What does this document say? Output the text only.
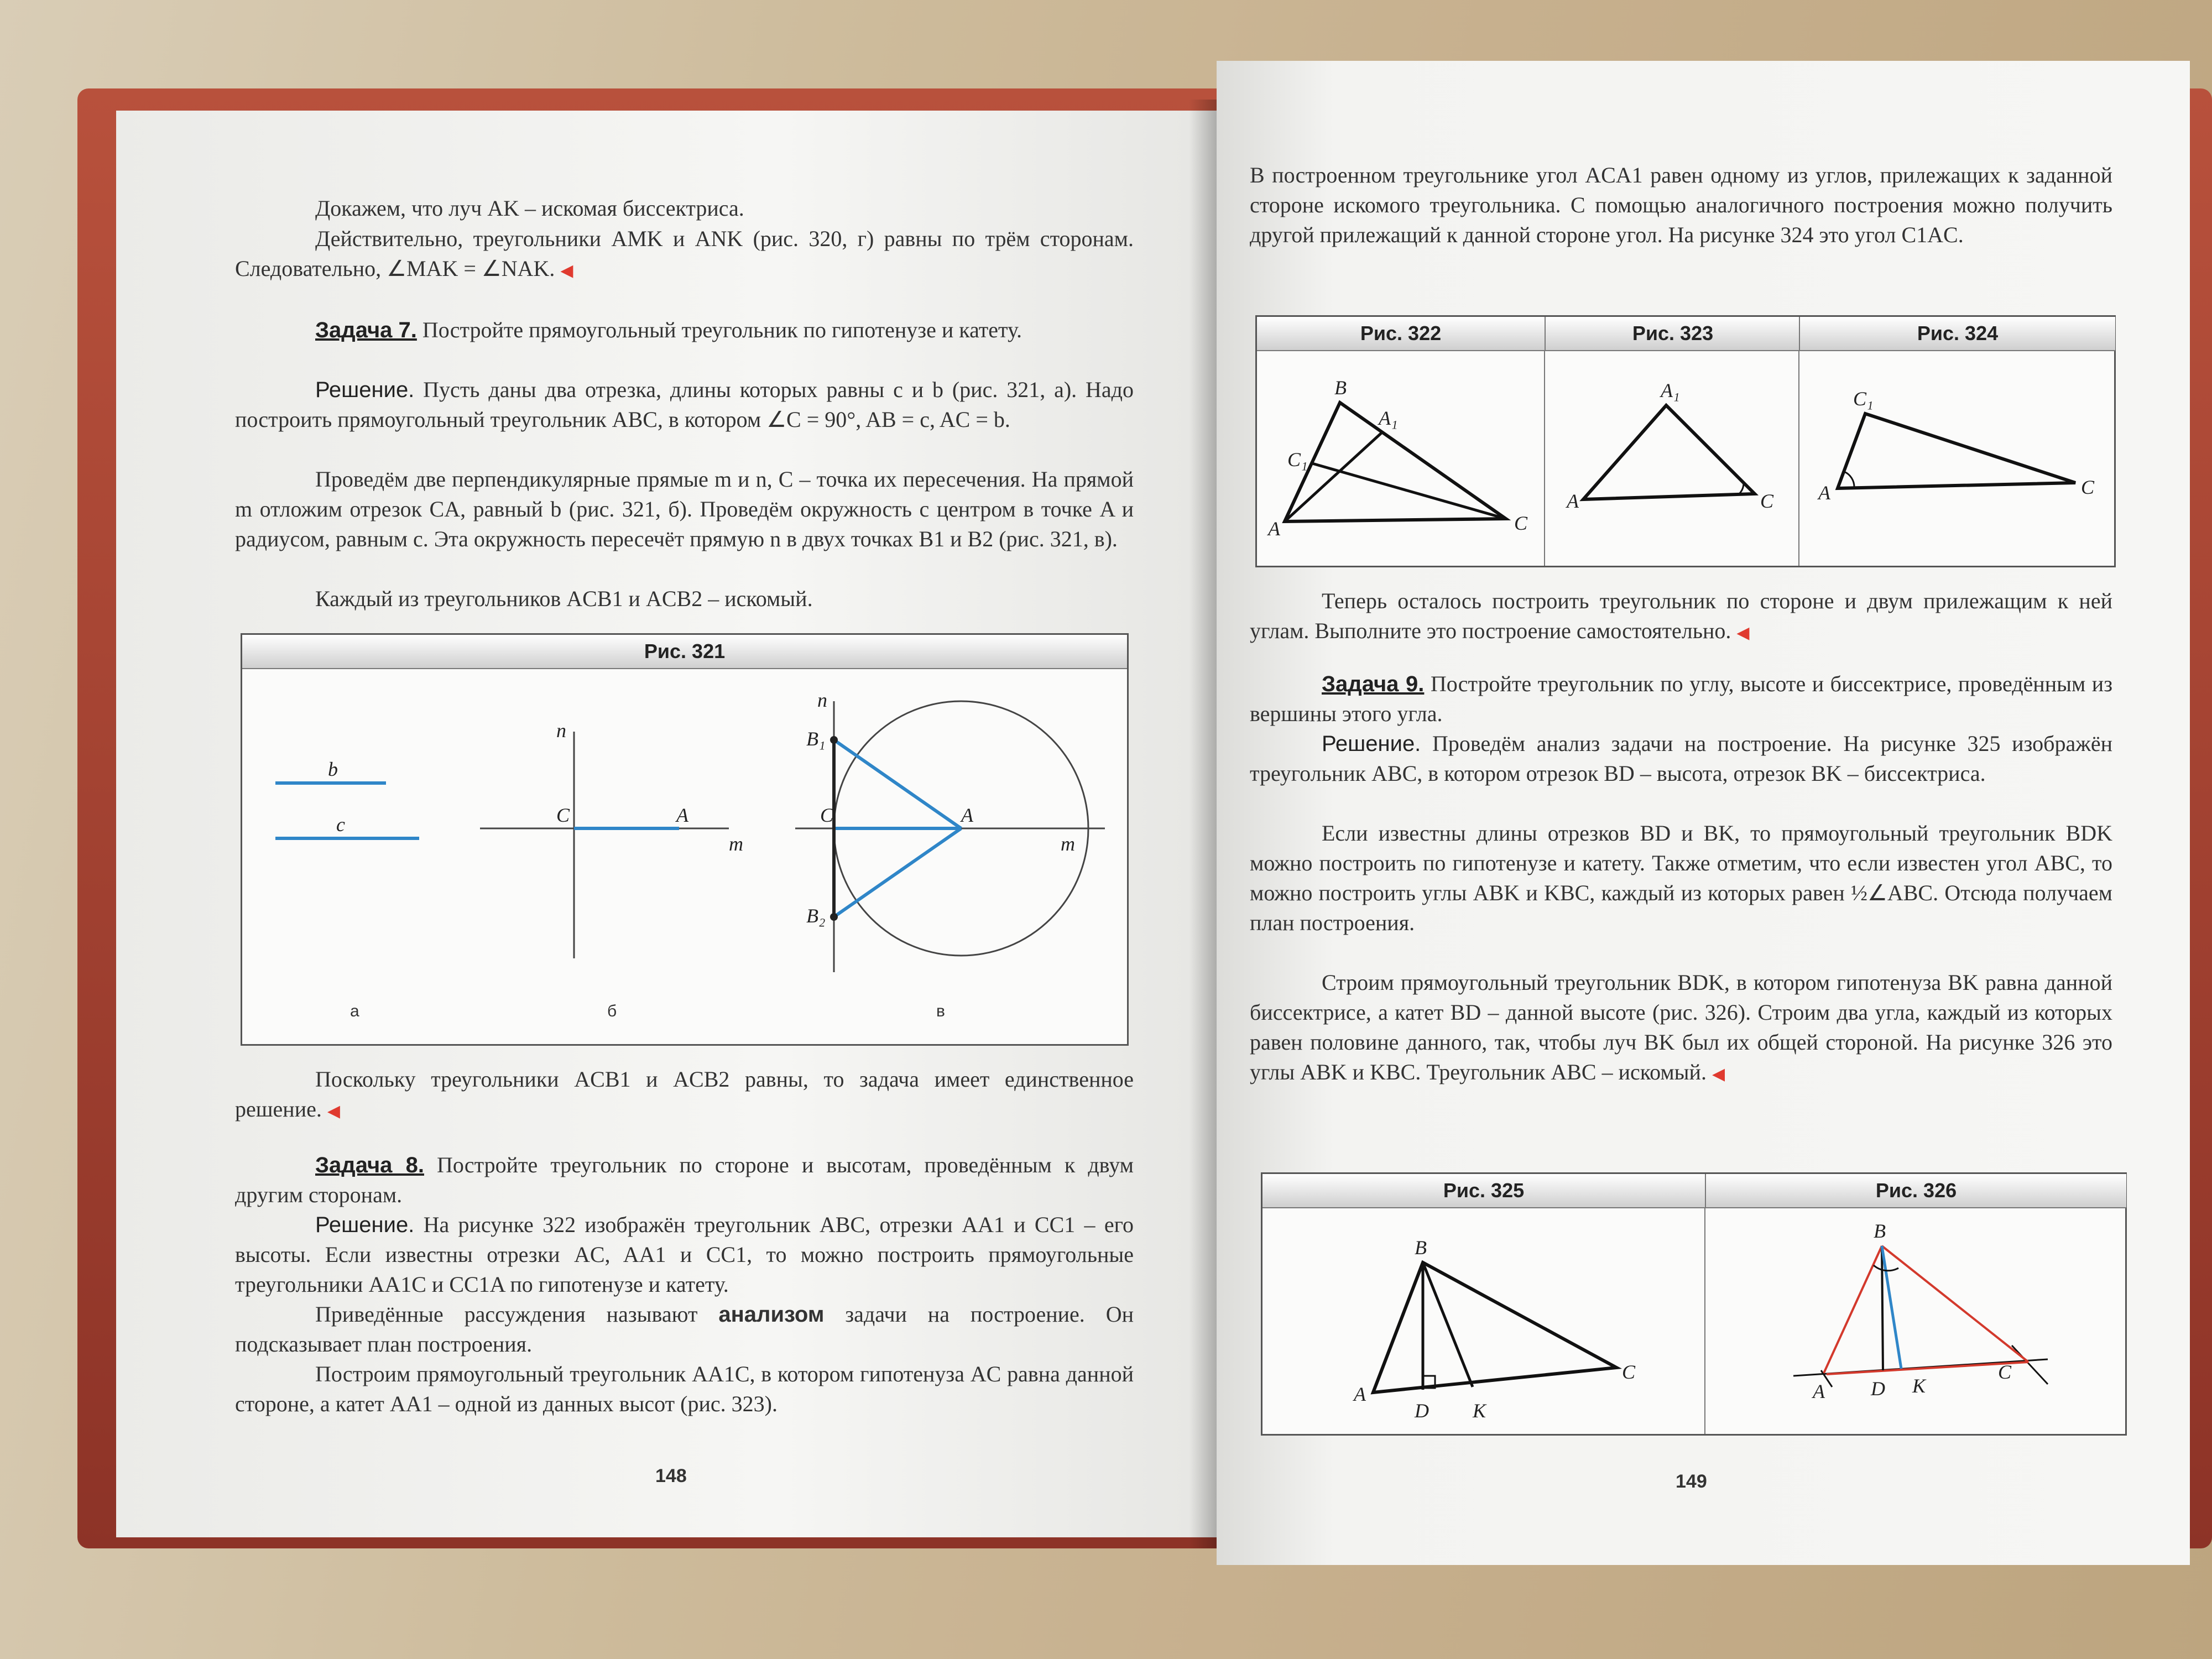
Докажем, что луч AK – искомая биссектриса.

Действительно, треугольники AMK и ANK (рис. 320, г) равны по трём сторонам. Следовательно, ∠MAK = ∠NAK. ◀

Задача 7. Постройте прямоугольный треугольник по гипотенузе и катету.

Решение. Пусть даны два отрезка, длины которых равны c и b (рис. 321, а). Надо построить прямоугольный треугольник ABC, в котором ∠C = 90°, AB = c, AC = b.

Проведём две перпендикулярные прямые m и n, C – точка их пересечения. На прямой m отложим отрезок CA, равный b (рис. 321, б). Проведём окружность с центром в точке A и радиусом, равным c. Эта окружность пересечёт прямую n в двух точках B1 и B2 (рис. 321, в).

Каждый из треугольников ACB1 и ACB2 – искомый.

Рис. 321
b
c
а
n
C	A
m
б
n
B₁
C	A
m
B₂
в

Поскольку треугольники ACB1 и ACB2 равны, то задача имеет единственное решение. ◀

Задача 8. Постройте треугольник по стороне и высотам, проведённым к двум другим сторонам.

Решение. На рисунке 322 изображён треугольник ABC, отрезки AA1 и CC1 – его высоты. Если известны отрезки AC, AA1 и CC1, то можно построить прямоугольные треугольники AA1C и CC1A по гипотенузе и катету.

Приведённые рассуждения называют анализом задачи на построение. Он подсказывает план построения.

Построим прямоугольный треугольник AA1C, в котором гипотенуза AC равна данной стороне, а катет AA1 – одной из данных высот (рис. 323).

148

В построенном треугольнике угол ACA1 равен одному из углов, прилежащих к заданной стороне искомого треугольника. С помощью аналогичного построения можно получить другой прилежащий к данной стороне угол. На рисунке 324 это угол C1AC.

Рис. 322	Рис. 323	Рис. 324
B
A₁
C₁
A	C
A₁
A	C
C₁
A	C

Теперь осталось построить треугольник по стороне и двум прилежащим к ней углам. Выполните это построение самостоятельно. ◀

Задача 9. Постройте треугольник по углу, высоте и биссектрисе, проведённым из вершины этого угла.

Решение. Проведём анализ задачи на построение. На рисунке 325 изображён треугольник ABC, в котором отрезок BD – высота, отрезок BK – биссектриса.

Если известны длины отрезков BD и BK, то прямоугольный треугольник BDK можно построить по гипотенузе и катету. Также отметим, что если известен угол ABC, то можно построить углы ABK и KBC, каждый из которых равен ½∠ABC. Отсюда получаем план построения.

Строим прямоугольный треугольник BDK, в котором гипотенуза BK равна данной биссектрисе, а катет BD – данной высоте (рис. 326). Строим два угла, каждый из которых равен половине данного, так, чтобы луч BK был их общей стороной. На рисунке 326 это углы ABK и KBC. Треугольник ABC – искомый. ◀

Рис. 325	Рис. 326
B
A
D K
C
B
A D K
C
149
